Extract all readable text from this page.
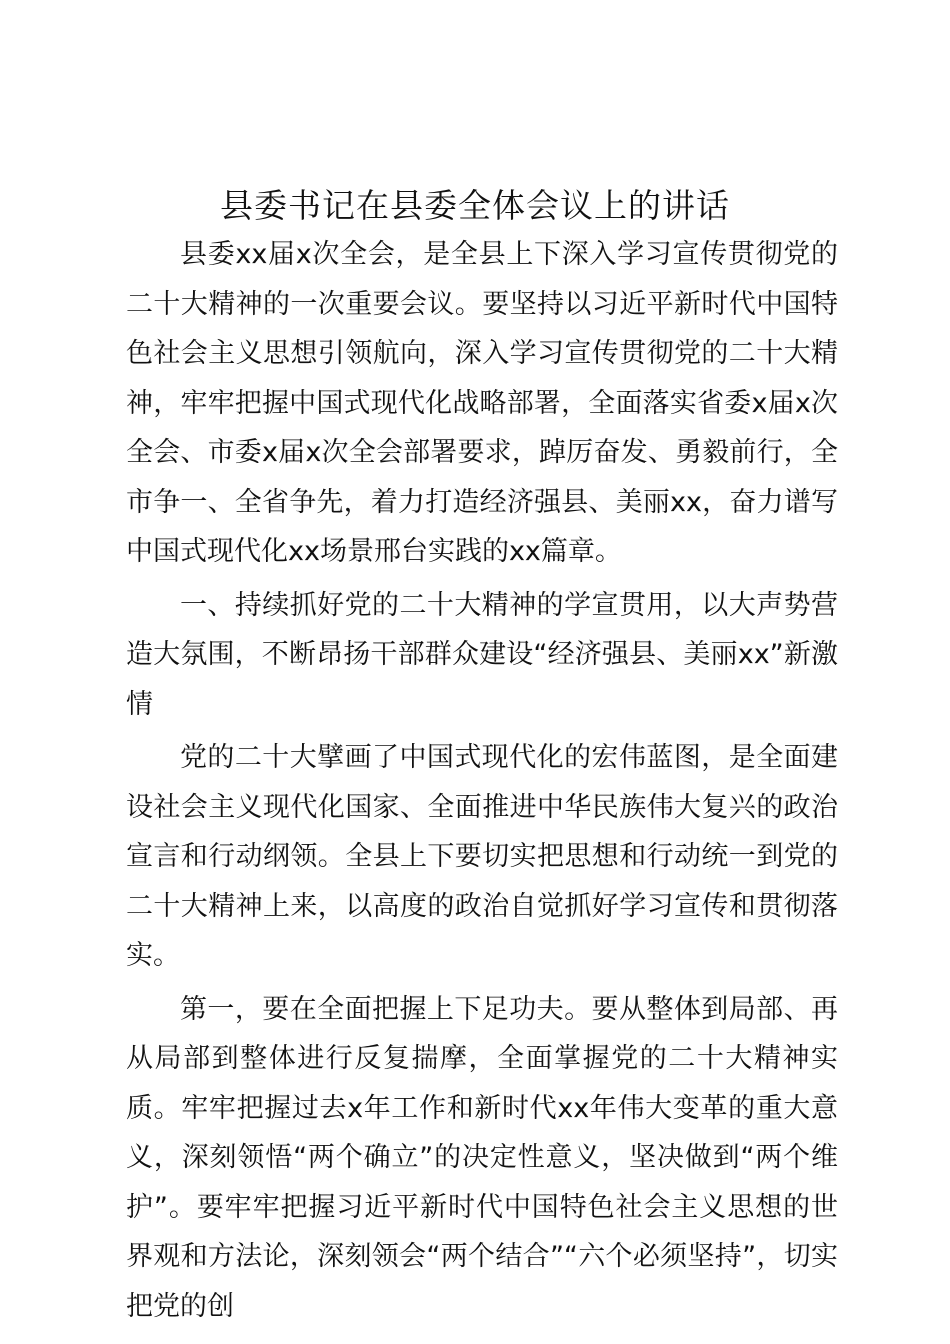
县委书记在县委全体会议上的讲话

县委xx届x次全会，是全县上下深入学习宣传贯彻党的二十大精神的一次重要会议。要坚持以习近平新时代中国特色社会主义思想引领航向，深入学习宣传贯彻党的二十大精神，牢牢把握中国式现代化战略部署，全面落实省委x届x次全会、市委x届x次全会部署要求，踔厉奋发、勇毅前行，全市争一、全省争先，着力打造经济强县、美丽xx，奋力谱写中国式现代化xx场景邢台实践的xx篇章。

一、持续抓好党的二十大精神的学宣贯用，以大声势营造大氛围，不断昂扬干部群众建设“经济强县、美丽xx”新激情

党的二十大擘画了中国式现代化的宏伟蓝图，是全面建设社会主义现代化国家、全面推进中华民族伟大复兴的政治宣言和行动纲领。全县上下要切实把思想和行动统一到党的二十大精神上来，以高度的政治自觉抓好学习宣传和贯彻落实。

第一，要在全面把握上下足功夫。要从整体到局部、再从局部到整体进行反复揣摩，全面掌握党的二十大精神实质。牢牢把握过去x年工作和新时代xx年伟大变革的重大意义，深刻领悟“两个确立”的决定性意义，坚决做到“两个维护”。要牢牢把握习近平新时代中国特色社会主义思想的世界观和方法论，深刻领会“两个结合”“六个必须坚持”，切实把党的创
